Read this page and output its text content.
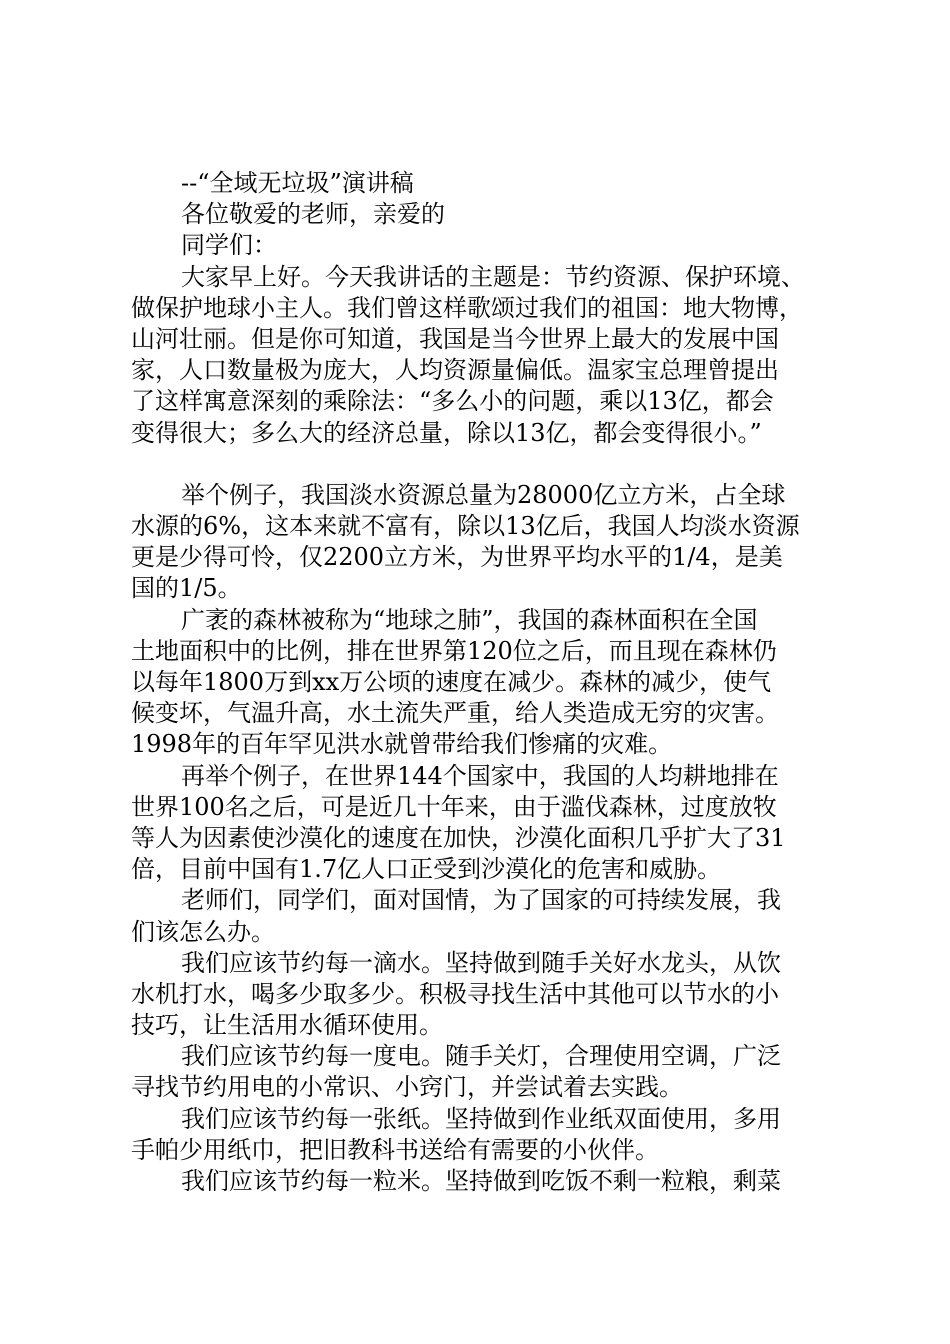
--“全域无垃圾”演讲稿
各位敬爱的老师，亲爱的
同学们：
大家早上好。今天我讲话的主题是：节约资源、保护环境、
做保护地球小主人。我们曾这样歌颂过我们的祖国：地大物博，
山河壮丽。但是你可知道，我国是当今世界上最大的发展中国
家，人口数量极为庞大，人均资源量偏低。温家宝总理曾提出
了这样寓意深刻的乘除法：“多么小的问题，乘以13亿，都会
变得很大；多么大的经济总量，除以13亿，都会变得很小。”
举个例子，我国淡水资源总量为28000亿立方米，占全球
水源的6%，这本来就不富有，除以13亿后，我国人均淡水资源
更是少得可怜，仅2200立方米，为世界平均水平的1/4，是美
国的1/5。
广袤的森林被称为“地球之肺”，我国的森林面积在全国
土地面积中的比例，排在世界第120位之后，而且现在森林仍
以每年1800万到xx万公顷的速度在减少。森林的减少，使气
候变坏，气温升高，水土流失严重，给人类造成无穷的灾害。
1998年的百年罕见洪水就曾带给我们惨痛的灾难。
再举个例子，在世界144个国家中，我国的人均耕地排在
世界100名之后，可是近几十年来，由于滥伐森林，过度放牧
等人为因素使沙漠化的速度在加快，沙漠化面积几乎扩大了31
倍，目前中国有1.7亿人口正受到沙漠化的危害和威胁。
老师们，同学们，面对国情，为了国家的可持续发展，我
们该怎么办。
我们应该节约每一滴水。坚持做到随手关好水龙头，从饮
水机打水，喝多少取多少。积极寻找生活中其他可以节水的小
技巧，让生活用水循环使用。
我们应该节约每一度电。随手关灯，合理使用空调，广泛
寻找节约用电的小常识、小窍门，并尝试着去实践。
我们应该节约每一张纸。坚持做到作业纸双面使用，多用
手帕少用纸巾，把旧教科书送给有需要的小伙伴。
我们应该节约每一粒米。坚持做到吃饭不剩一粒粮，剩菜
